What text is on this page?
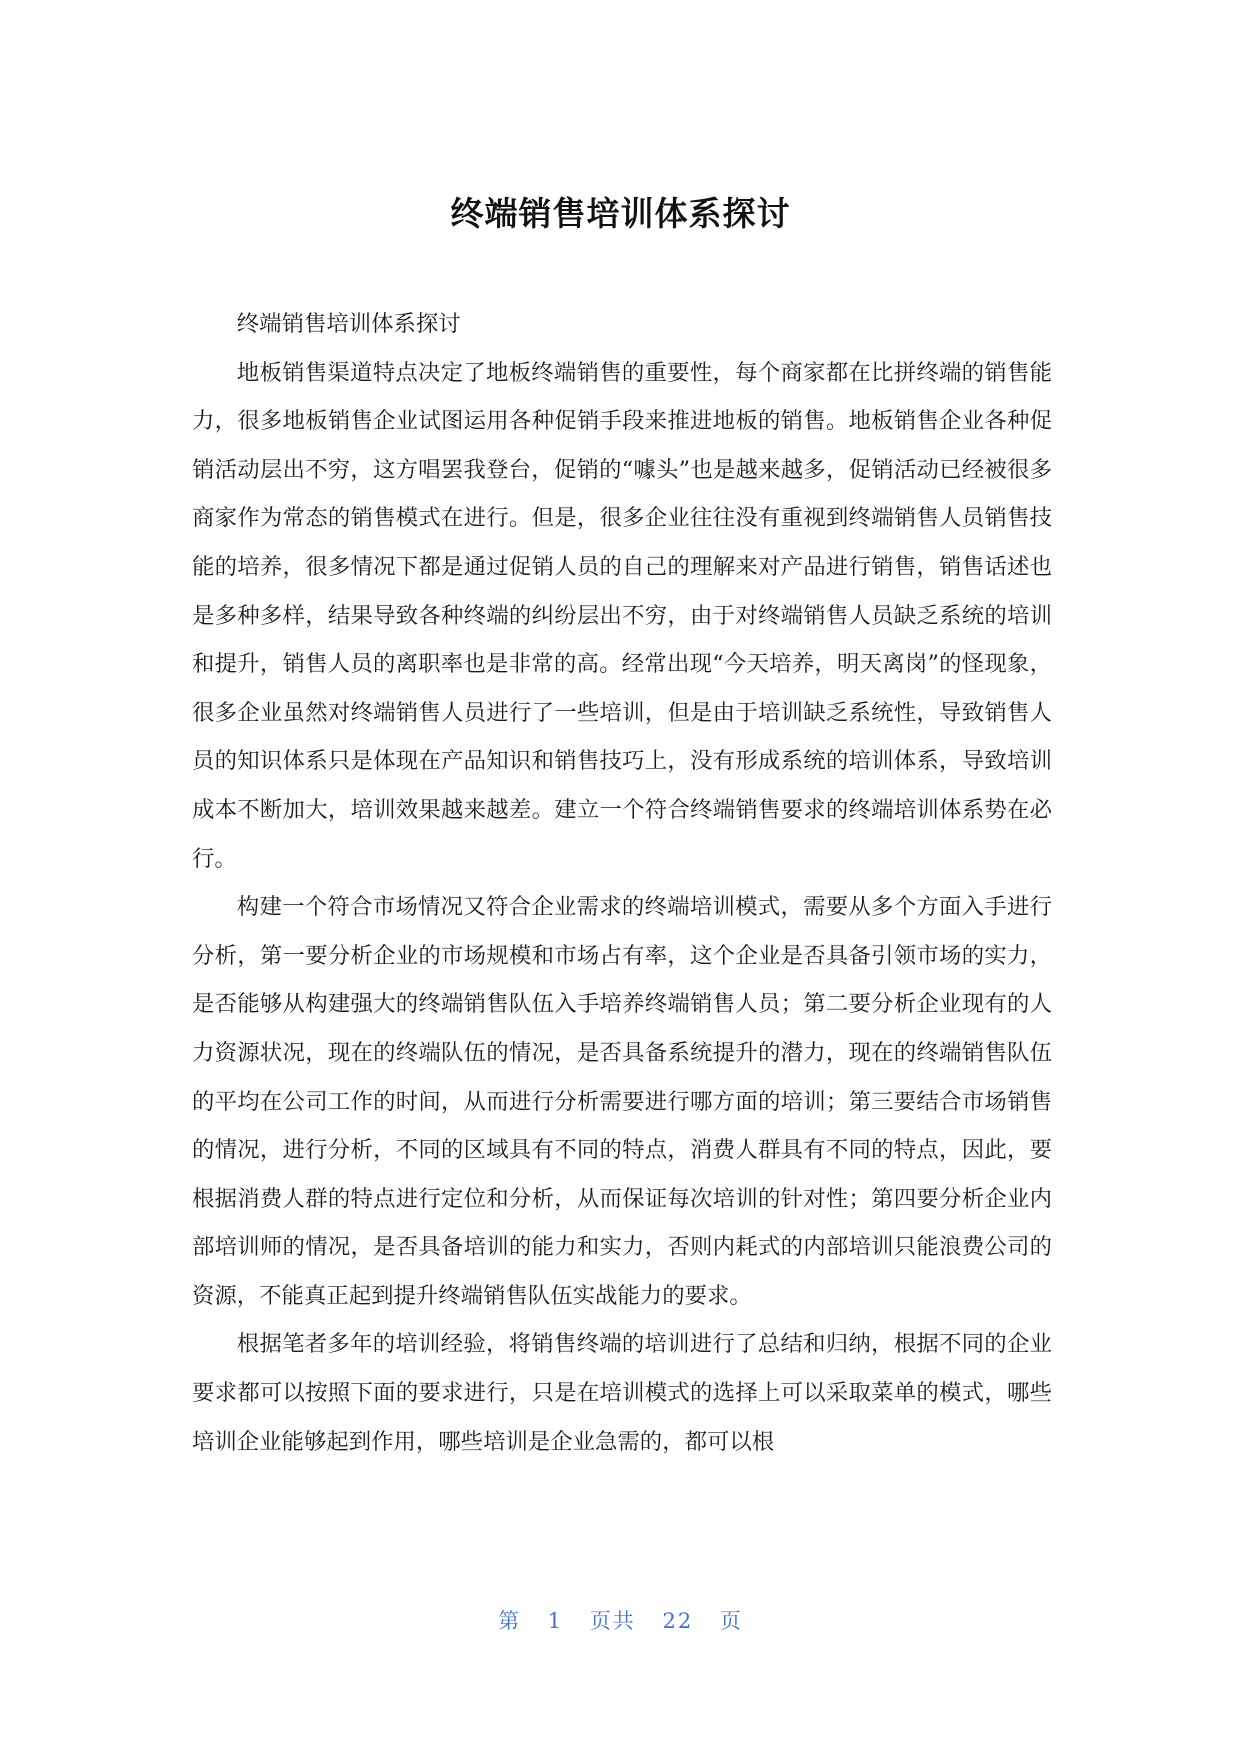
终端销售培训体系探讨

终端销售培训体系探讨

地板销售渠道特点决定了地板终端销售的重要性，每个商家都在比拼终端的销售能力，很多地板销售企业试图运用各种促销手段来推进地板的销售。地板销售企业各种促销活动层出不穷，这方唱罢我登台，促销的“噱头”也是越来越多，促销活动已经被很多商家作为常态的销售模式在进行。但是，很多企业往往没有重视到终端销售人员销售技能的培养，很多情况下都是通过促销人员的自己的理解来对产品进行销售，销售话述也是多种多样，结果导致各种终端的纠纷层出不穷，由于对终端销售人员缺乏系统的培训和提升，销售人员的离职率也是非常的高。经常出现“今天培养，明天离岗”的怪现象，很多企业虽然对终端销售人员进行了一些培训，但是由于培训缺乏系统性，导致销售人员的知识体系只是体现在产品知识和销售技巧上，没有形成系统的培训体系，导致培训成本不断加大，培训效果越来越差。建立一个符合终端销售要求的终端培训体系势在必行。

构建一个符合市场情况又符合企业需求的终端培训模式，需要从多个方面入手进行分析，第一要分析企业的市场规模和市场占有率，这个企业是否具备引领市场的实力，是否能够从构建强大的终端销售队伍入手培养终端销售人员；第二要分析企业现有的人力资源状况，现在的终端队伍的情况，是否具备系统提升的潜力，现在的终端销售队伍的平均在公司工作的时间，从而进行分析需要进行哪方面的培训；第三要结合市场销售的情况，进行分析，不同的区域具有不同的特点，消费人群具有不同的特点，因此，要根据消费人群的特点进行定位和分析，从而保证每次培训的针对性；第四要分析企业内部培训师的情况，是否具备培训的能力和实力，否则内耗式的内部培训只能浪费公司的资源，不能真正起到提升终端销售队伍实战能力的要求。

根据笔者多年的培训经验，将销售终端的培训进行了总结和归纳，根据不同的企业要求都可以按照下面的要求进行，只是在培训模式的选择上可以采取菜单的模式，哪些培训企业能够起到作用，哪些培训是企业急需的，都可以根

第 1 页共 22 页
